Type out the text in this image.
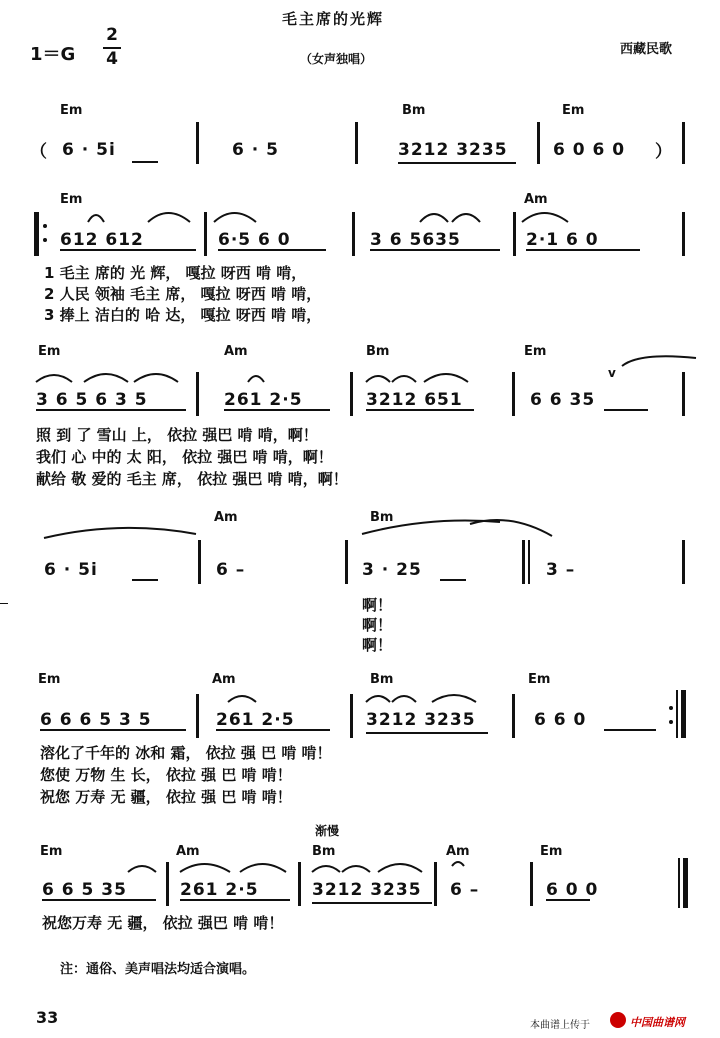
毛主席的光辉
（女声独唱）
西藏民歌
1＝G
2
4
Em	Bm	Em
（ 6 · 5i	6 · 5	3212 3235	6 0 6 0 ）
Em	Am
612 612	6·5 6 0	3 6 5635	2·1 6 0
1 毛主 席的 光 辉， 嘎拉 呀西 啃 啃，
2 人民 领袖 毛主 席， 嘎拉 呀西 啃 啃，
3 捧上 洁白的 哈 达， 嘎拉 呀西 啃 啃，
Em	Am	Bm	Em
v
3 6 5 6 3 5	261 2·5	3212 651	6 6 35
照 到 了 雪山 上， 依拉 强巴 啃 啃，啊！
我们 心 中的 太 阳， 依拉 强巴 啃 啃，啊！
献给 敬 爱的 毛主 席， 依拉 强巴 啃 啃，啊！
Am	Bm
6 · 5i	6 –	3 · 25	3 –
啊！
啊！
啊！
Em	Am	Bm	Em
6 6 6 5 3 5	261 2·5	3212 3235	6 6 0
溶化了千年的 冰和 霜， 依拉 强 巴 啃 啃！
您使 万物 生 长， 依拉 强 巴 啃 啃！
祝您 万寿 无 疆， 依拉 强 巴 啃 啃！
渐慢
Em	Am	Bm	Am	Em
6 6 5 35	261 2·5	3212 3235 6 –	6 0 0
祝您万寿 无 疆， 依拉 强巴 啃 啃！
注：通俗、美声唱法均适合演唱。
33	本曲谱上传于	中国曲谱网
